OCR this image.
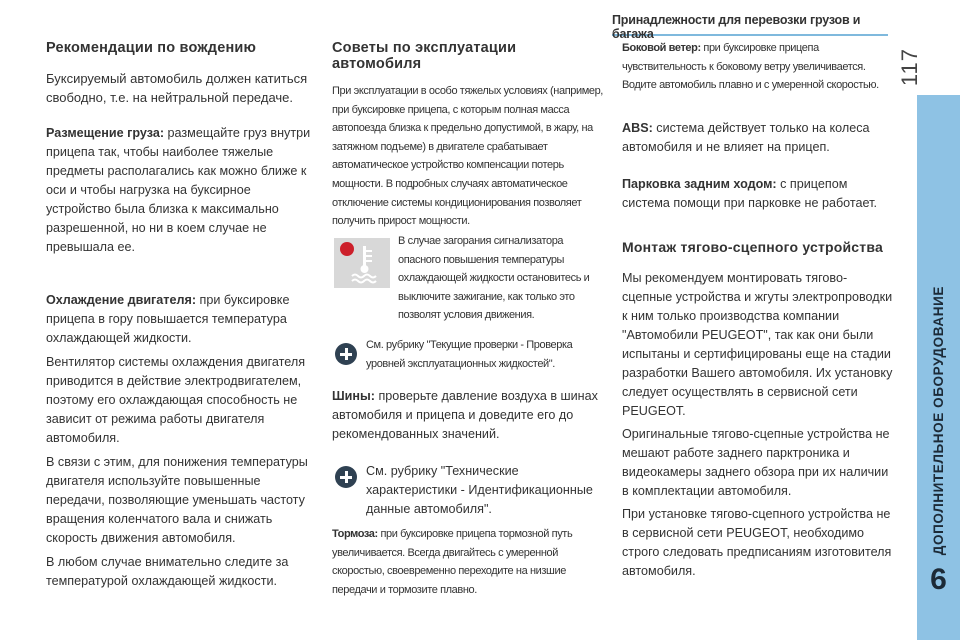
Принадлежности для перевозки грузов и багажа
117
ДОПОЛНИТЕЛЬНОЕ ОБОРУДОВАНИЕ
6
Рекомендации по вождению

Буксируемый автомобиль должен катиться свободно, т.е. на нейтральной передаче.

Размещение груза: размещайте груз внутри прицепа так, чтобы наиболее тяжелые предметы располагались как можно ближе к оси и чтобы нагрузка на буксирное устройство была близка к максимально разрешенной, но ни в коем случае не превышала ее.

Охлаждение двигателя: при буксировке прицепа в гору повышается температура охлаждающей жидкости.

Вентилятор системы охлаждения двигателя приводится в действие электродвигателем, поэтому его охлаждающая способность не зависит от режима работы двигателя автомобиля.

В связи с этим, для понижения температуры двигателя используйте повышенные передачи, позволяющие уменьшать частоту вращения коленчатого вала и снижать скорость движения автомобиля.

В любом случае внимательно следите за температурой охлаждающей жидкости.

Советы по эксплуатации автомобиля

При эксплуатации в особо тяжелых условиях (например, при буксировке прицепа, с которым полная масса автопоезда близка к предельно допустимой, в жару, на затяжном подъеме) в двигателе срабатывает автоматическое устройство компенсации потерь мощности. В подробных случаях автоматическое отключение системы кондиционирования позволяет получить прирост мощности.

В случае загорания сигнализатора опасного повышения температуры охлаждающей жидкости остановитесь и выключите зажигание, как только это позволят условия движения.

См. рубрику "Текущие проверки - Проверка уровней эксплуатационных жидкостей".

Шины: проверьте давление воздуха в шинах автомобиля и прицепа и доведите его до рекомендованных значений.

См. рубрику "Технические характеристики - Идентификационные данные автомобиля".

Тормоза: при буксировке прицепа тормозной путь увеличивается. Всегда двигайтесь с умеренной скоростью, своевременно переходите на низшие передачи и тормозите плавно.

Боковой ветер: при буксировке прицепа чувствительность к боковому ветру увеличивается. Водите автомобиль плавно и с умеренной скоростью.

ABS: система действует только на колеса автомобиля и не влияет на прицеп.

Парковка задним ходом: с прицепом система помощи при парковке не работает.

Монтаж тягово-сцепного устройства

Мы рекомендуем монтировать тягово-сцепные устройства и жгуты электропроводки к ним только производства компании "Автомобили PEUGEOT", так как они были испытаны и сертифицированы еще на стадии разработки Вашего автомобиля. Их установку следует осуществлять в сервисной сети PEUGEOT.

Оригинальные тягово-сцепные устройства не мешают работе заднего парктроника и видеокамеры заднего обзора при их наличии в комплектации автомобиля.

При установке тягово-сцепного устройства не в сервисной сети PEUGEOT, необходимо строго следовать предписаниям изготовителя автомобиля.
